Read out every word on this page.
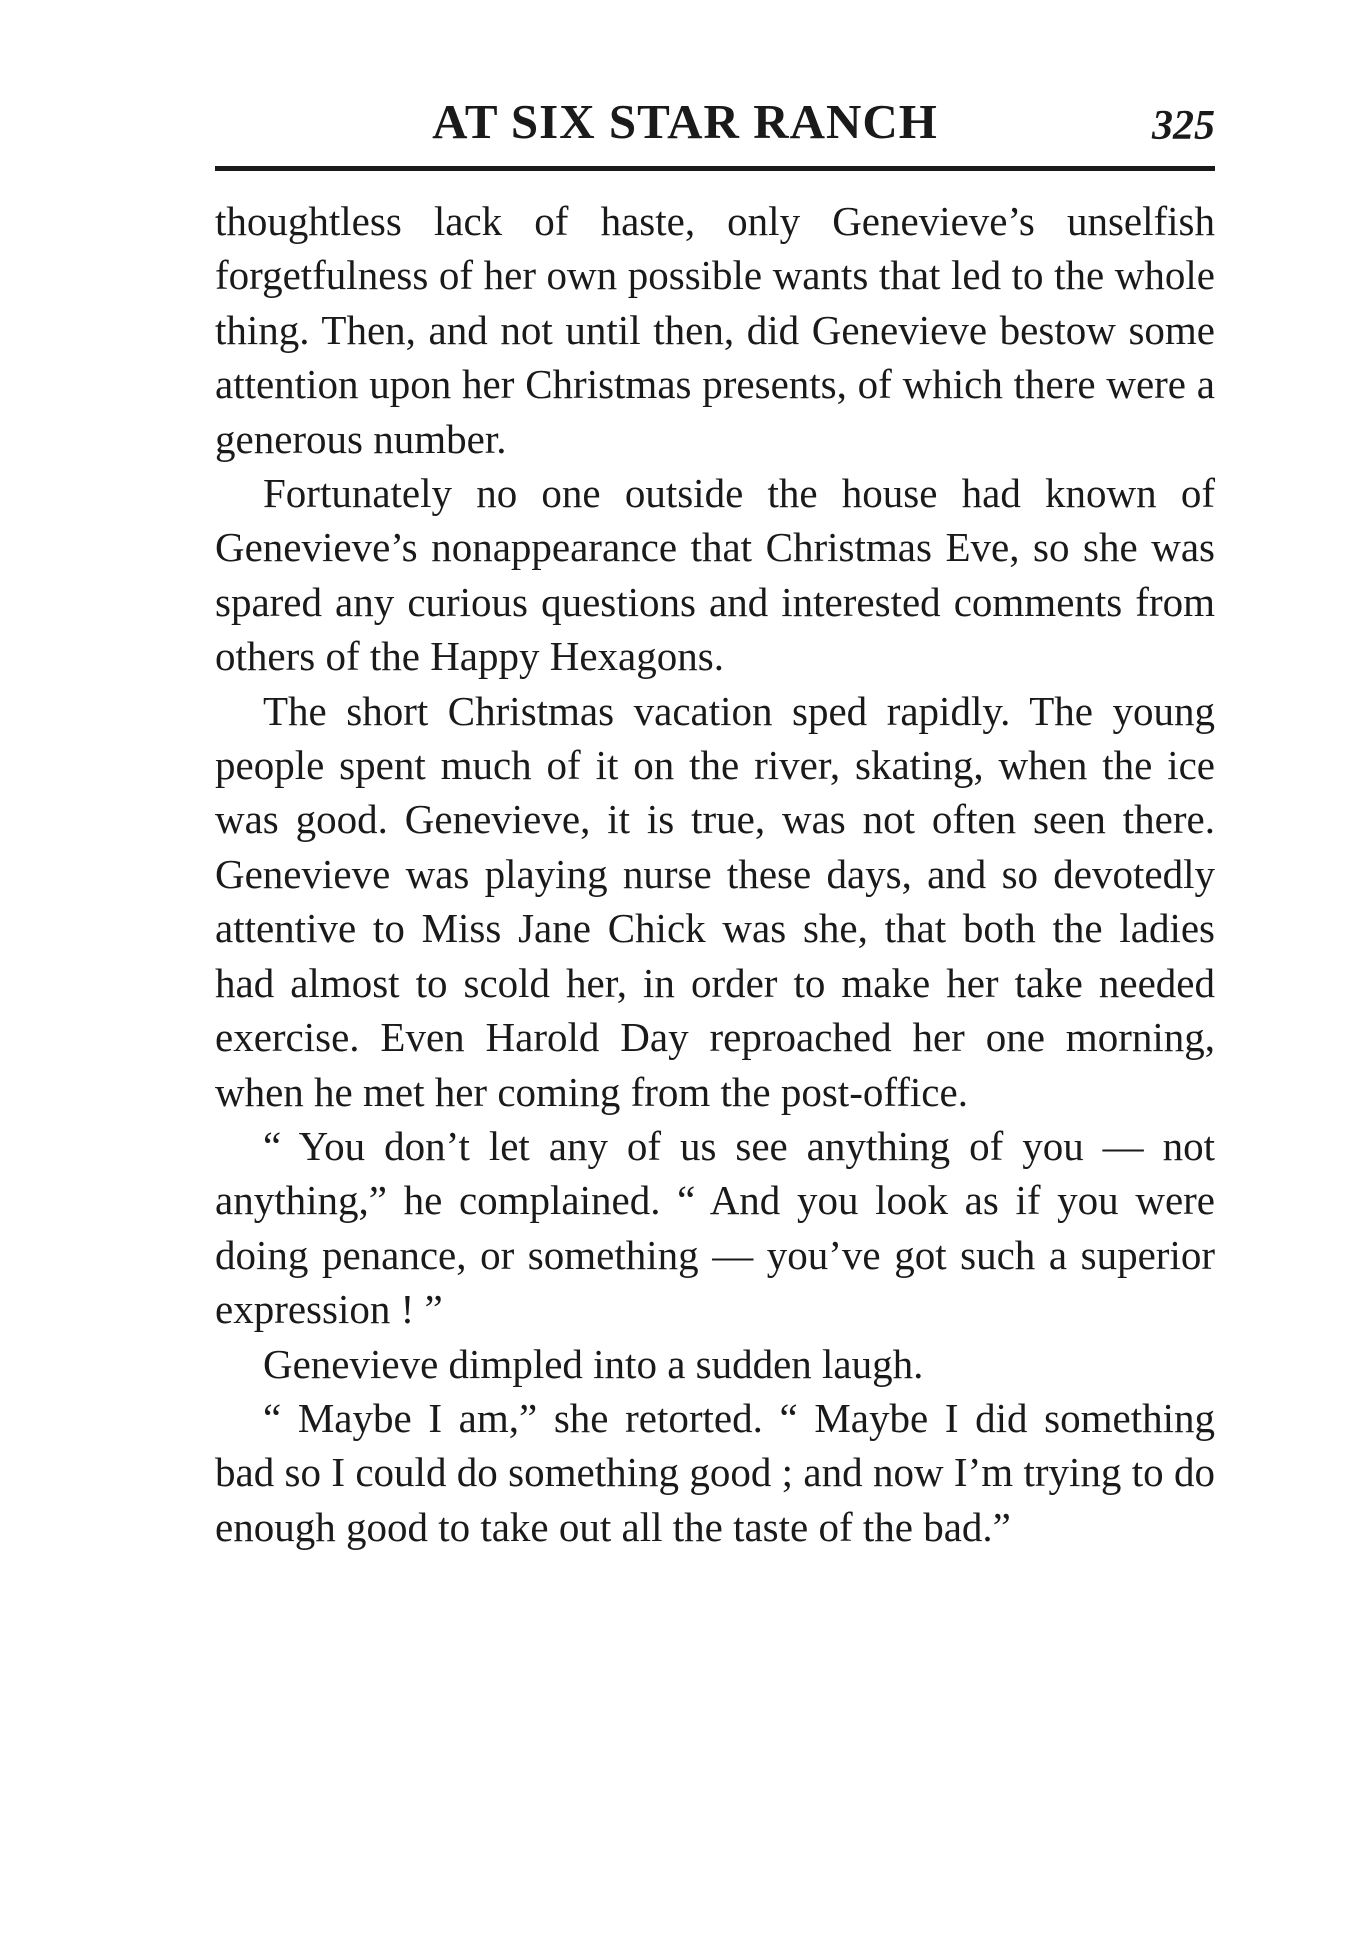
AT SIX STAR RANCH	325

thoughtless lack of haste, only Genevieve’s unselfish forgetfulness of her own possible wants that led to the whole thing. Then, and not until then, did Genevieve bestow some attention upon her Christmas presents, of which there were a generous number.

Fortunately no one outside the house had known of Genevieve’s nonappearance that Christmas Eve, so she was spared any curious questions and interested comments from others of the Happy Hexagons.

The short Christmas vacation sped rapidly. The young people spent much of it on the river, skating, when the ice was good. Genevieve, it is true, was not often seen there. Genevieve was playing nurse these days, and so devotedly attentive to Miss Jane Chick was she, that both the ladies had almost to scold her, in order to make her take needed exercise. Even Harold Day reproached her one morning, when he met her coming from the post-office.

“ You don’t let any of us see anything of you — not anything,” he complained. “ And you look as if you were doing penance, or something — you’ve got such a superior expression ! ”

Genevieve dimpled into a sudden laugh.

“ Maybe I am,” she retorted. “ Maybe I did something bad so I could do something good ; and now I’m trying to do enough good to take out all the taste of the bad.”
